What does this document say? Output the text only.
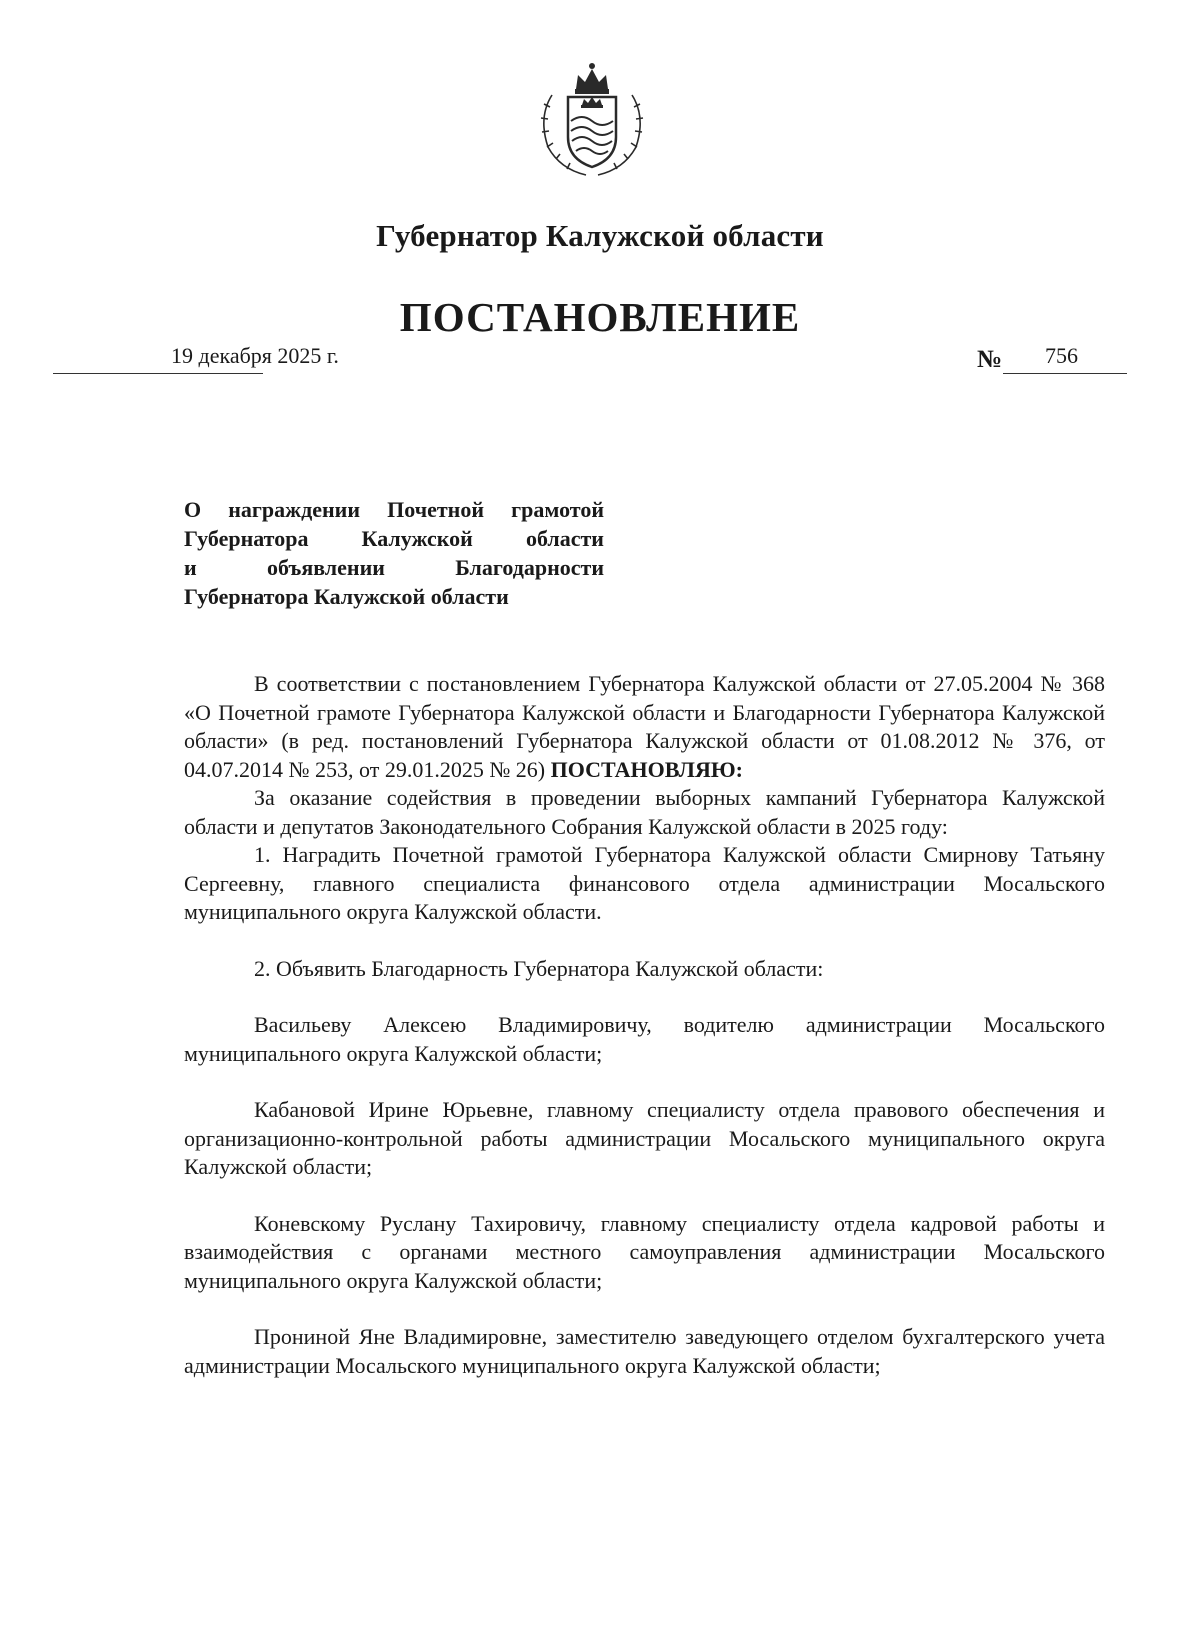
Губернатор Калужской области
ПОСТАНОВЛЕНИЕ
19 декабря 2025 г.	№ 756
О награждении Почетной грамотой
Губернатора Калужской области
и объявлении Благодарности
Губернатора Калужской области

В соответствии с постановлением Губернатора Калужской области от 27.05.2004 № 368 «О Почетной грамоте Губернатора Калужской области и Благодарности Губернатора Калужской области» (в ред. постановлений Губернатора Калужской области от 01.08.2012 № 376, от 04.07.2014 № 253, от 29.01.2025 № 26) ПОСТАНОВЛЯЮ:

За оказание содействия в проведении выборных кампаний Губернатора Калужской области и депутатов Законодательного Собрания Калужской области в 2025 году:

1. Наградить Почетной грамотой Губернатора Калужской области Смирнову Татьяну Сергеевну, главного специалиста финансового отдела администрации Мосальского муниципального округа Калужской области.

2. Объявить Благодарность Губернатора Калужской области:

Васильеву Алексею Владимировичу, водителю администрации Мосальского муниципального округа Калужской области;

Кабановой Ирине Юрьевне, главному специалисту отдела правового обеспечения и организационно-контрольной работы администрации Мосальского муниципального округа Калужской области;

Коневскому Руслану Тахировичу, главному специалисту отдела кадровой работы и взаимодействия с органами местного самоуправления администрации Мосальского муниципального округа Калужской области;

Прониной Яне Владимировне, заместителю заведующего отделом бухгалтерского учета администрации Мосальского муниципального округа Калужской области;
